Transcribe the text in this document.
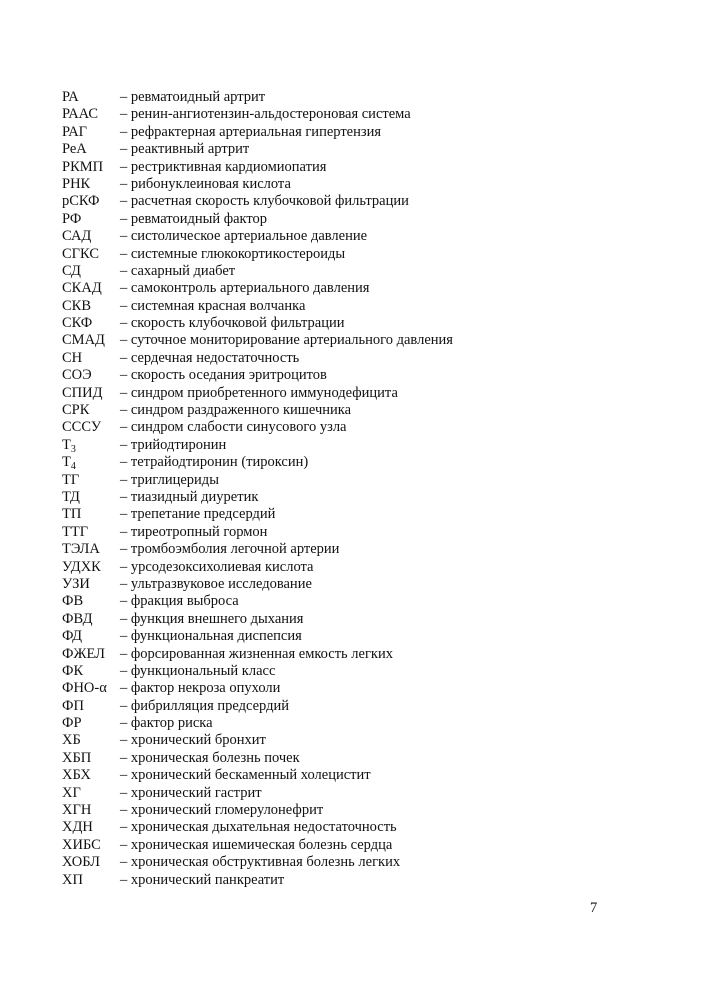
РА	– ревматоидный артрит
РААС	– ренин-ангиотензин-альдостероновая система
РАГ	– рефрактерная артериальная гипертензия
РеА	– реактивный артрит
РКМП	– рестриктивная кардиомиопатия
РНК	– рибонуклеиновая кислота
рСКФ	– расчетная скорость клубочковой фильтрации
РФ	– ревматоидный фактор
САД	– систолическое артериальное давление
СГКС	– системные глюкокортикостероиды
СД	– сахарный диабет
СКАД	– самоконтроль артериального давления
СКВ	– системная красная волчанка
СКФ	– скорость клубочковой фильтрации
СМАД	– суточное мониторирование артериального давления
СН	– сердечная недостаточность
СОЭ	– скорость оседания эритроцитов
СПИД	– синдром приобретенного иммунодефицита
СРК	– синдром раздраженного кишечника
СССУ	– синдром слабости синусового узла
$Т_3$	– трийодтиронин
$Т_4$	– тетрайодтиронин (тироксин)
ТГ	– триглицериды
ТД	– тиазидный диуретик
ТП	– трепетание предсердий
ТТГ	– тиреотропный гормон
ТЭЛА	– тромбоэмболия легочной артерии
УДХК	– урсодезоксихолиевая кислота
УЗИ	– ультразвуковое исследование
ФВ	– фракция выброса
ФВД	– функция внешнего дыхания
ФД	– функциональная диспепсия
ФЖЕЛ	– форсированная жизненная емкость легких
ФК	– функциональный класс
ФНО-α – фактор некроза опухоли
ФП	– фибрилляция предсердий
ФР	– фактор риска
ХБ	– хронический бронхит
ХБП	– хроническая болезнь почек
ХБХ	– хронический бескаменный холецистит
ХГ	– хронический гастрит
ХГН	– хронический гломерулонефрит
ХДН	– хроническая дыхательная недостаточность
ХИБС	– хроническая ишемическая болезнь сердца
ХОБЛ	– хроническая обструктивная болезнь легких
ХП	– хронический панкреатит
7
